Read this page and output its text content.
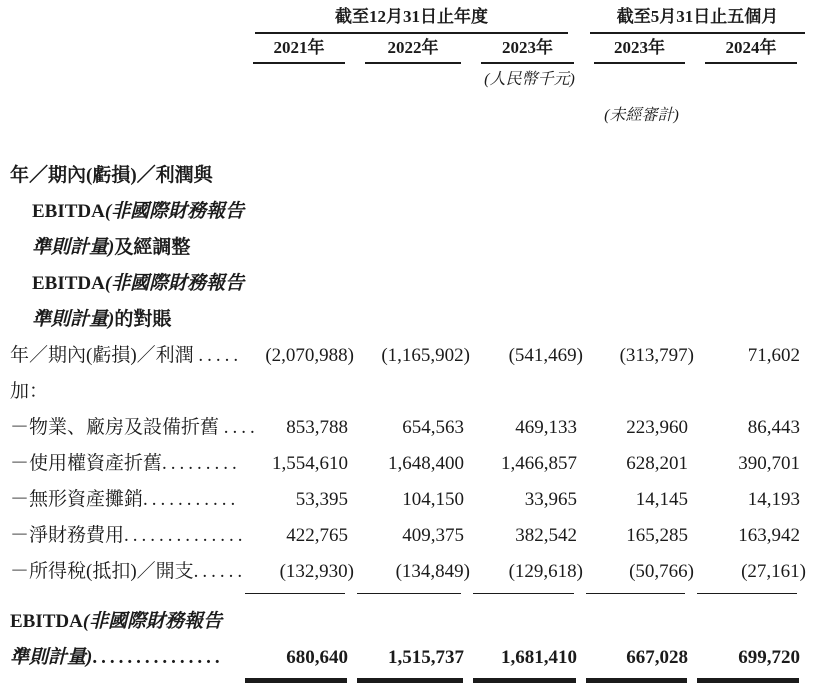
截至12月31日止年度	截至5月31日止五個月
2021年	2022年	2023年	2023年	2024年
(人民幣千元)
(未經審計)
年／期內(虧損)／利潤與
EBITDA(非國際財務報告
準則計量)及經調整
EBITDA(非國際財務報告
準則計量)的對賬
年／期內(虧損)／利潤 .....	(2,070,988)	(1,165,902)	(541,469)	(313,797)	71,602
加：
－物業、廠房及設備折舊 ....	853,788	654,563	469,133	223,960	86,443
－使用權資產折舊.........	1,554,610	1,648,400	1,466,857	628,201	390,701
－無形資產攤銷...........	53,395	104,150	33,965	14,145	14,193
－淨財務費用..............	422,765	409,375	382,542	165,285	163,942
－所得稅(抵扣)／開支......	(132,930)	(134,849)	(129,618)	(50,766)	(27,161)
EBITDA(非國際財務報告
準則計量)...............	680,640	1,515,737	1,681,410	667,028	699,720
